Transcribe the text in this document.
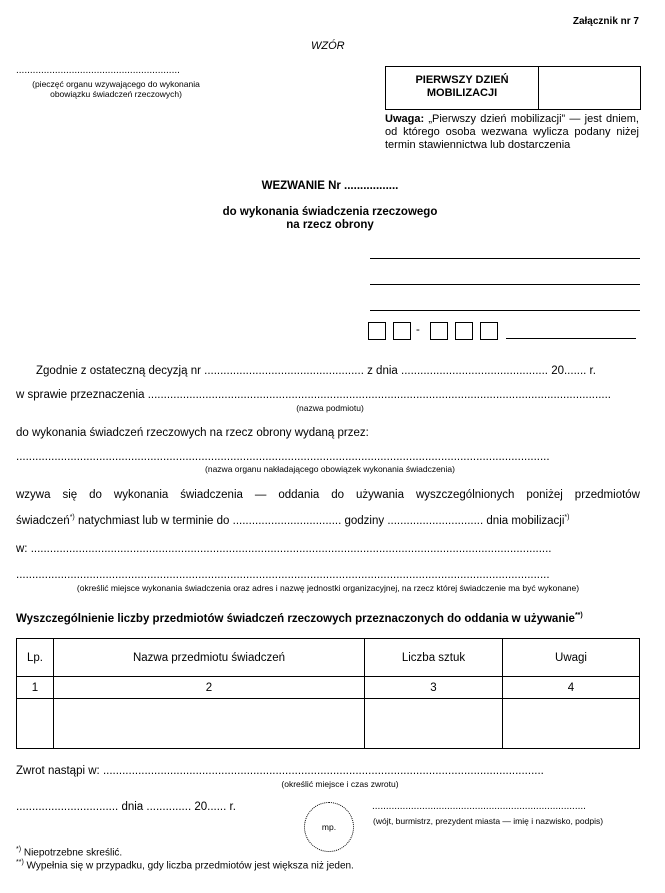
Załącznik nr 7
WZÓR
...........................................................
(pieczęć organu wzywającego do wykonania
obowiązku świadczeń rzeczowych)
PIERWSZY DZIEŃ
MOBILIZACJI
Uwaga: „Pierwszy dzień mobilizacji” — jest dniem, od którego osoba wezwana wylicza podany niżej termin stawiennictwa lub dostarczenia
WEZWANIE Nr .................
do wykonania świadczenia rzeczowego
na rzecz obrony
-
Zgodnie z ostateczną decyzją nr .................................................. z dnia .............................................. 20....... r.
w sprawie przeznaczenia .................................................................................................................................................
(nazwa podmiotu)
do wykonania świadczeń rzeczowych na rzecz obrony wydaną przez:
.......................................................................................................................................................................
(nazwa organu nakładającego obowiązek wykonania świadczenia)
wzywa się do wykonania świadczenia — oddania do używania wyszczególnionych poniżej przedmiotów
świadczeń*) natychmiast lub w terminie do .................................. godziny .............................. dnia mobilizacji*)
w: ...................................................................................................................................................................
.......................................................................................................................................................................
(określić miejsce wykonania świadczenia oraz adres i nazwę jednostki organizacyjnej, na rzecz której świadczenie ma być wykonane)
Wyszczególnienie liczby przedmiotów świadczeń rzeczowych przeznaczonych do oddania w używanie**)
Lp.	Nazwa przedmiotu świadczeń	Liczba sztuk	Uwagi
1	2	3	4

Zwrot nastąpi w: ..........................................................................................................................................
(określić miejsce i czas zwrotu)
................................ dnia .............. 20...... r.
mp.
.............................................................................
(wójt, burmistrz, prezydent miasta — imię i nazwisko, podpis)
*) Niepotrzebne skreślić.
**) Wypełnia się w przypadku, gdy liczba przedmiotów jest większa niż jeden.
